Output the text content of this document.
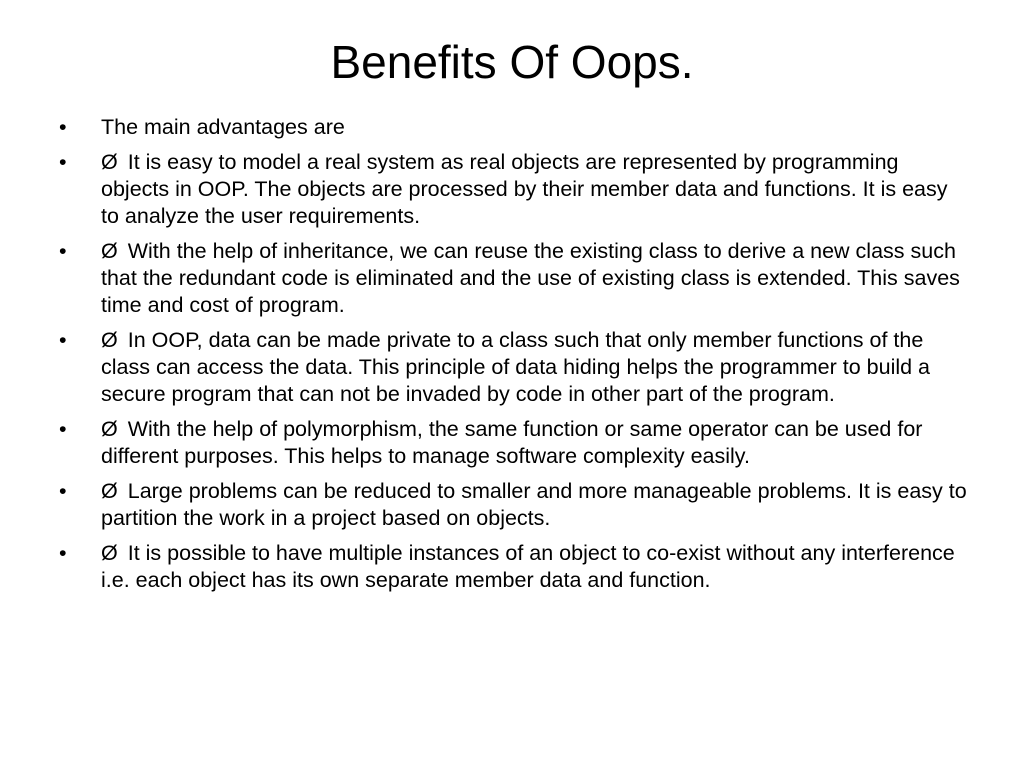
Benefits Of Oops.
•	The main advantages are
•	Ø It is easy to model a real system as real objects are represented by programming objects in OOP. The objects are processed by their member data and functions. It is easy to analyze the user requirements.
•	Ø With the help of inheritance, we can reuse the existing class to derive a new class such that the redundant code is eliminated and the use of existing class is extended. This saves time and cost of program.
•	Ø In OOP, data can be made private to a class such that only member functions of the class can access the data. This principle of data hiding helps the programmer to build a secure program that can not be invaded by code in other part of the program.
•	Ø With the help of polymorphism, the same function or same operator can be used for different purposes. This helps to manage software complexity easily.
•	Ø Large problems can be reduced to smaller and more manageable problems. It is easy to partition the work in a project based on objects.
•	Ø It is possible to have multiple instances of an object to co-exist without any interference i.e. each object has its own separate member data and function.
